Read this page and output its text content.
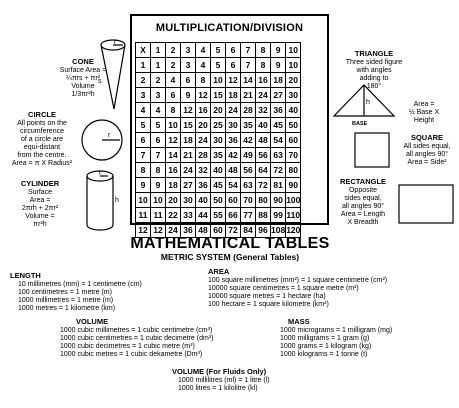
MULTIPLICATION/DIVISION
X	1	2	3	4	5	6	7	8	9	10
1	1	2	3	4	5	6	7	8	9	10
2	2	4	6	8	10	12	14	16	18	20
3	3	6	9	12	15	18	21	24	27	30
4	4	8	12	16	20	24	28	32	36	40
5	5	10	15	20	25	30	35	40	45	50
6	6	12	18	24	30	36	42	48	54	60
7	7	14	21	28	35	42	49	56	63	70
8	8	16	24	32	40	48	56	64	72	80
9	9	18	27	36	45	54	63	72	81	90
10	10	20	30	40	50	60	70	80	90	100
11	11	22	33	44	55	66	77	88	99	110
12	12	24	36	48	60	72	84	96	108	120
CONE
Surface Area =
¼πrs + πr²
Volume
1/3πr²h
r
s
CIRCLE
All points on the
circumference
of a circle are
equi-distant
from the centre.
Area = π X Radius²
r
CYLINDER
Surface
Area =
2πrh + 2πr²
Volume =
πr²h
r
h
TRIANGLE
Three sided figure
with angles
adding to
180°
Area =
½ Base X
Height
h
BASE
SQUARE
All sides equal,
all angles 90°
Area = Side²
RECTANGLE
Opposite
sides equal,
all angles 90°
Area = Length
X Breadth
MATHEMATICAL TABLES
METRIC SYSTEM (General Tables)
LENGTH
10 millimetres (mm) = 1 centimetre (cm)
100 centimetres = 1 metre (m)
1000 millimetres = 1 metre (m)
1000 metres = 1 kilometre (km)
AREA
100 square millimetres (mm²) = 1 square centimetre (cm²)
10000 square centimetres = 1 square metre (m²)
10000 square metres = 1 hectare (ha)
100 hectare = 1 square kilometre (km²)
VOLUME
1000 cubic millimetres = 1 cubic centimetre (cm³)
1000 cubic centimetres = 1 cubic decimetre (dm³)
1000 cubic decimetres = 1 cubic metre (m³)
1000 cubic metres = 1 cubic dekametre (Dm³)
MASS
1000 micrograms = 1 milligram (mg)
1000 milligrams = 1 gram (g)
1000 grams = 1 kilogram (kg)
1000 kilograms = 1 tonne (t)
VOLUME (For Fluids Only)
1000 millilitres (ml) = 1 litre (l)
1000 litres = 1 kilolitre (kl)
